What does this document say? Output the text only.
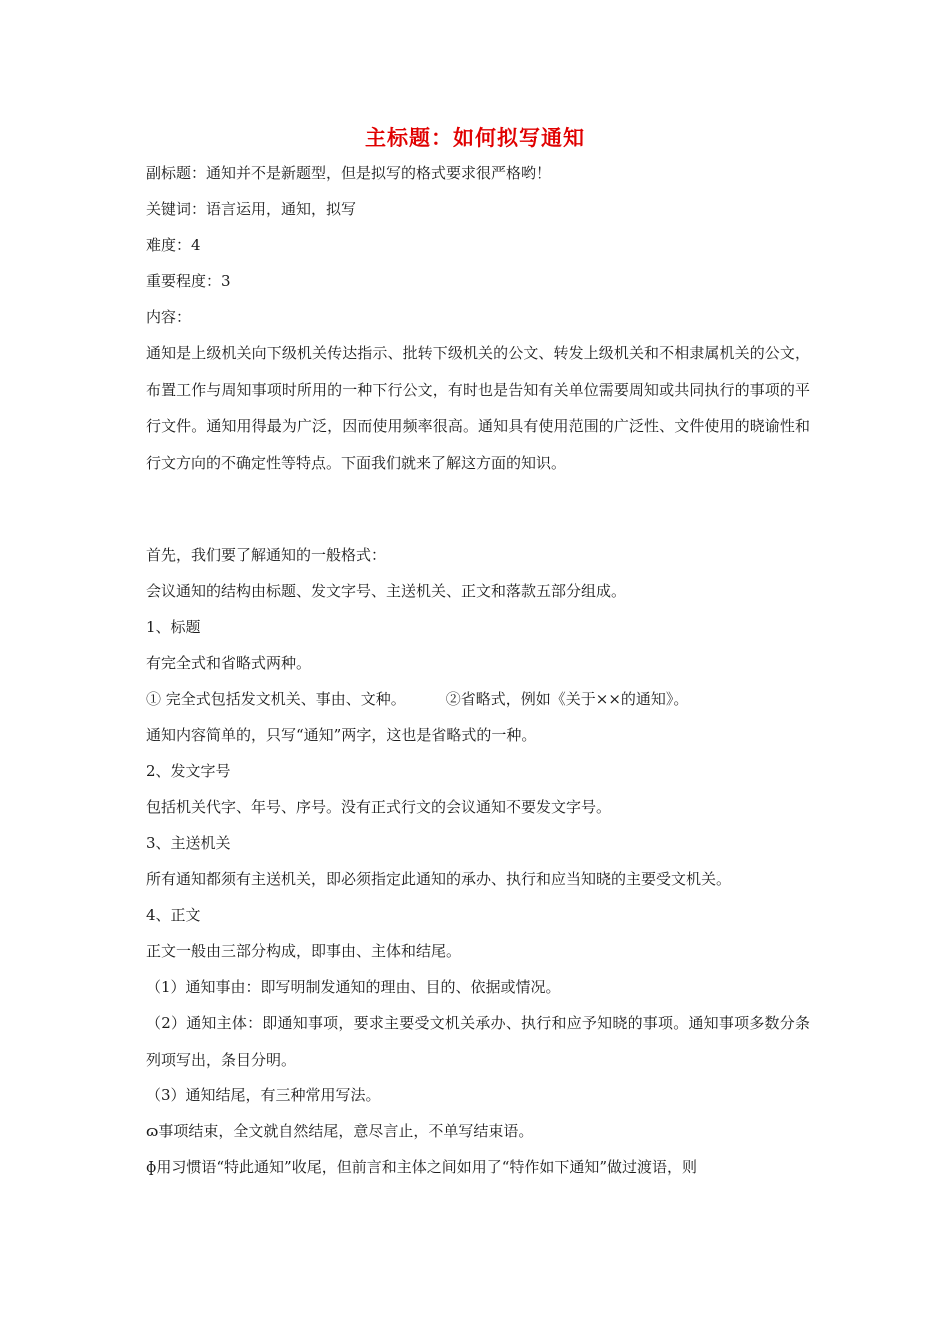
主标题：如何拟写通知
副标题：通知并不是新题型，但是拟写的格式要求很严格哟！
关键词：语言运用，通知，拟写
难度：4
重要程度：3
内容：
通知是上级机关向下级机关传达指示、批转下级机关的公文、转发上级机关和不相隶属机关的公文，布置工作与周知事项时所用的一种下行公文，有时也是告知有关单位需要周知或共同执行的事项的平行文件。通知用得最为广泛，因而使用频率很高。通知具有使用范围的广泛性、文件使用的晓谕性和行文方向的不确定性等特点。下面我们就来了解这方面的知识。
首先，我们要了解通知的一般格式：
会议通知的结构由标题、发文字号、主送机关、正文和落款五部分组成。
1、标题
有完全式和省略式两种。
① 完全式包括发文机关、事由、文种。	②省略式，例如《关于××的通知》。
通知内容简单的，只写“通知”两字，这也是省略式的一种。
2、发文字号
包括机关代字、年号、序号。没有正式行文的会议通知不要发文字号。
3、主送机关
所有通知都须有主送机关，即必须指定此通知的承办、执行和应当知晓的主要受文机关。
4、正文
正文一般由三部分构成，即事由、主体和结尾。
（1）通知事由：即写明制发通知的理由、目的、依据或情况。
（2）通知主体：即通知事项，要求主要受文机关承办、执行和应予知晓的事项。通知事项多数分条列项写出，条目分明。
（3）通知结尾，有三种常用写法。
ɷ事项结束，全文就自然结尾，意尽言止，不单写结束语。
ɸ用习惯语“特此通知”收尾，但前言和主体之间如用了“特作如下通知”做过渡语，则
